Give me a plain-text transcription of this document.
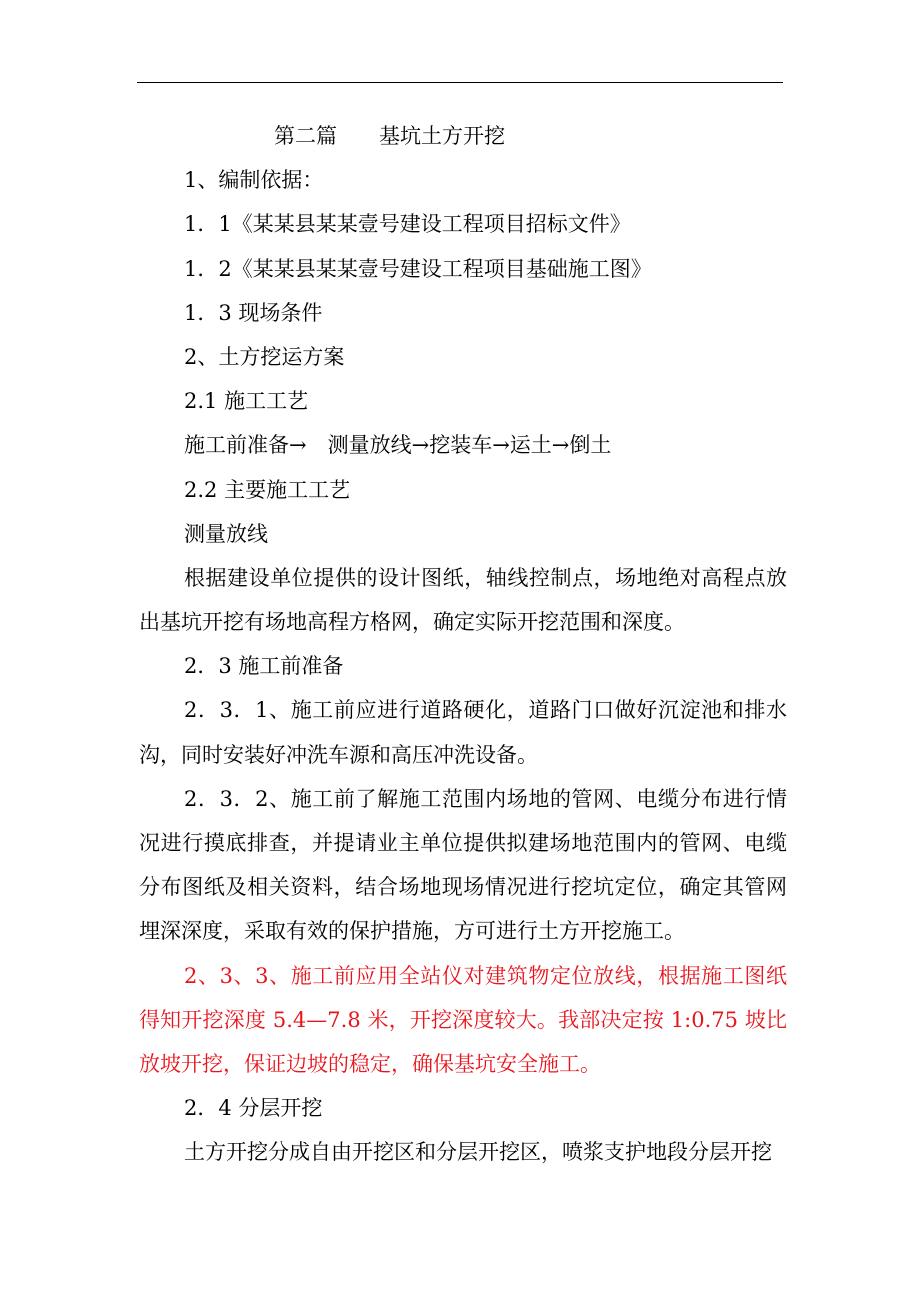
第二篇 基坑土方开挖
1、编制依据：
1．1《某某县某某壹号建设工程项目招标文件》
1．2《某某县某某壹号建设工程项目基础施工图》
1．3 现场条件
2、土方挖运方案
2.1 施工工艺
施工前准备→　测量放线→挖装车→运土→倒土
2.2 主要施工工艺
测量放线

根据建设单位提供的设计图纸，轴线控制点，场地绝对高程点放出基坑开挖有场地高程方格网，确定实际开挖范围和深度。

2．3 施工前准备

2．3．1、施工前应进行道路硬化，道路门口做好沉淀池和排水沟，同时安装好冲洗车源和高压冲洗设备。

2．3．2、施工前了解施工范围内场地的管网、电缆分布进行情况进行摸底排查，并提请业主单位提供拟建场地范围内的管网、电缆分布图纸及相关资料，结合场地现场情况进行挖坑定位，确定其管网埋深深度，采取有效的保护措施，方可进行土方开挖施工。

2、3、3、施工前应用全站仪对建筑物定位放线，根据施工图纸得知开挖深度 5.4—7.8 米，开挖深度较大。我部决定按 1:0.75 坡比放坡开挖，保证边坡的稳定，确保基坑安全施工。

2．4 分层开挖

土方开挖分成自由开挖区和分层开挖区，喷浆支护地段分层开挖
